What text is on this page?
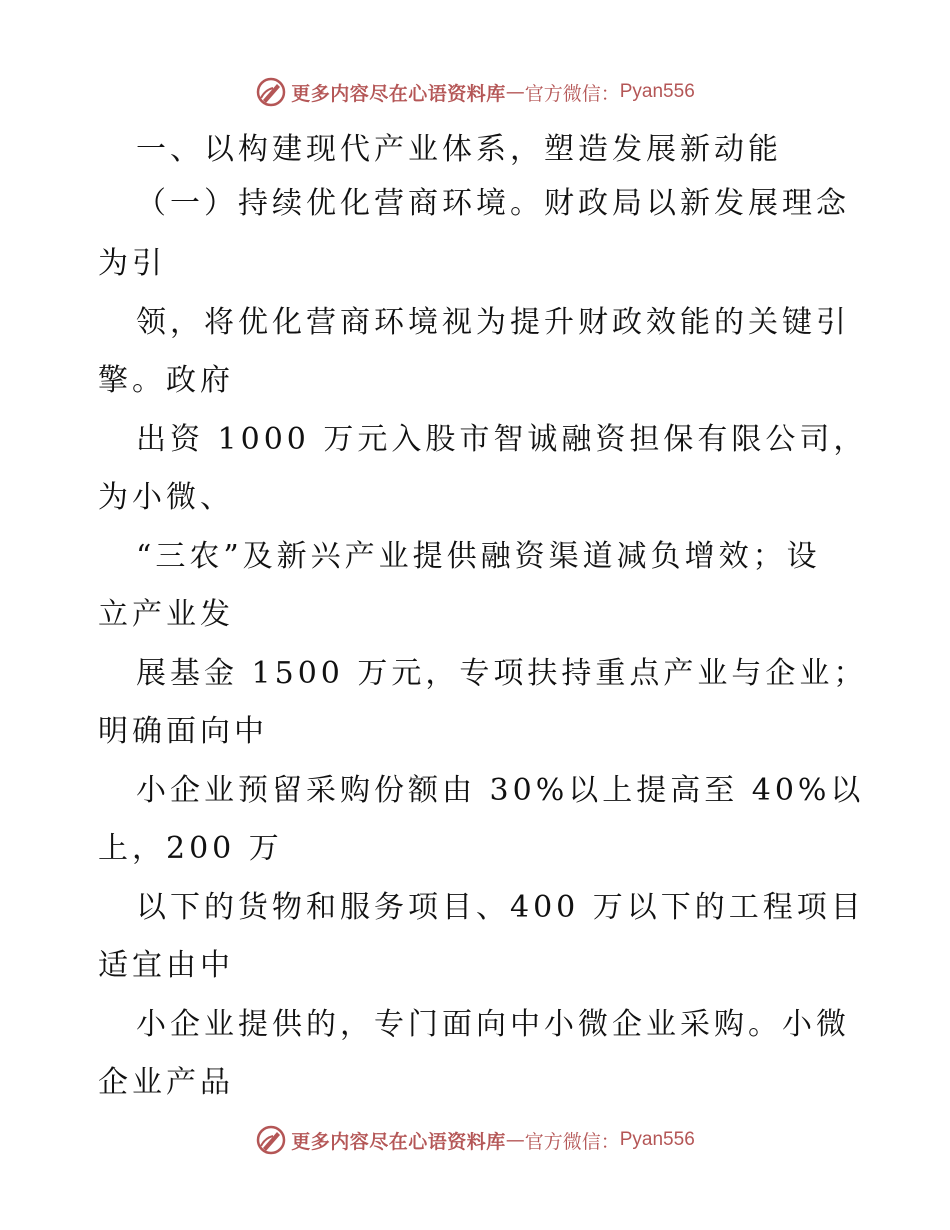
更多内容尽在心语资料库 — 官方微信： Pyan556
一、以构建现代产业体系，塑造发展新动能
（一）持续优化营商环境。财政局以新发展理念
为引
领，将优化营商环境视为提升财政效能的关键引
擎。政府
出资 1000 万元入股市智诚融资担保有限公司，
为小微、
“三农”及新兴产业提供融资渠道减负增效；设
立产业发
展基金 1500 万元，专项扶持重点产业与企业；
明确面向中
小企业预留采购份额由 30%以上提高至 40%以
上，200 万
以下的货物和服务项目、400 万以下的工程项目
适宜由中
小企业提供的，专门面向中小微企业采购。小微
企业产品
更多内容尽在心语资料库 — 官方微信： Pyan556
